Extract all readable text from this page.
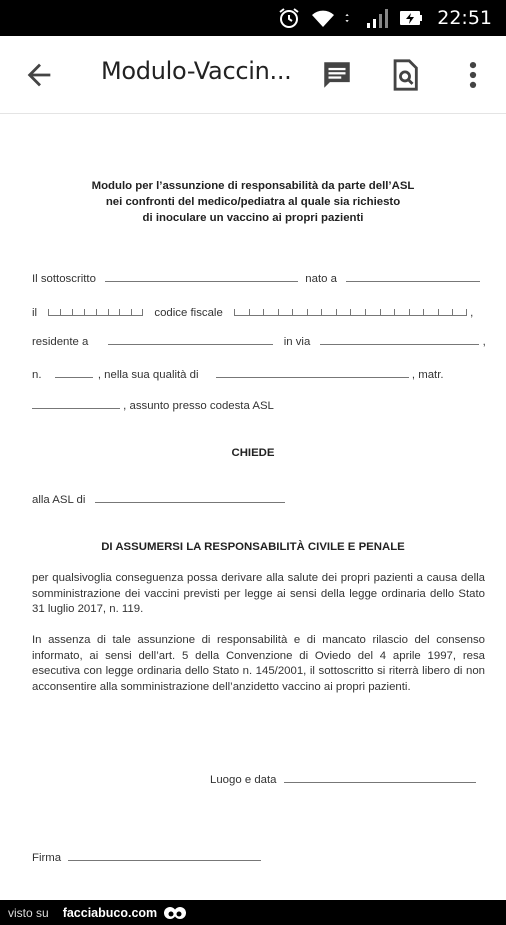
22:51
Modulo-Vaccin...
Modulo per l’assunzione di responsabilità da parte dell’ASL
nei confronti del medico/pediatra al quale sia richiesto
di inoculare un vaccino ai propri pazienti
Il sottoscritto	nato a
il	codice fiscale	,
residente a	in via	,
n.	, nella sua qualità di	, matr.
, assunto presso codesta ASL
CHIEDE
alla ASL di
DI ASSUMERSI LA RESPONSABILITÀ CIVILE E PENALE
per qualsivoglia conseguenza possa derivare alla salute dei propri pazienti a causa della somministrazione dei vaccini previsti per legge ai sensi della legge ordinaria dello Stato 31 luglio 2017, n. 119.
In assenza di tale assunzione di responsabilità e di mancato rilascio del consenso informato, ai sensi dell’art. 5 della Convenzione di Oviedo del 4 aprile 1997, resa esecutiva con legge ordinaria dello Stato n. 145/2001, il sottoscritto si riterrà libero di non acconsentire alla somministrazione dell’anzidetto vaccino ai propri pazienti.
Luogo e data
Firma
visto su facciabuco.com
